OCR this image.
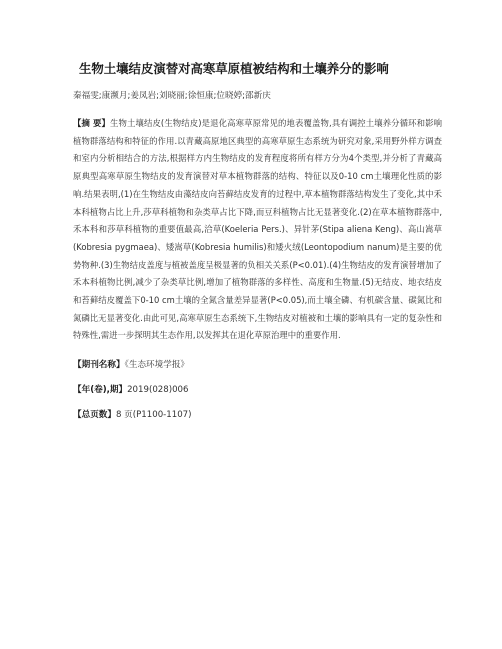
生物土壤结皮演替对高寒草原植被结构和土壤养分的影响

秦福雯;康濒月;姜凤岩;刘晓丽;徐恒康;位晓婷;邵新庆

【摘 要】生物土壤结皮(生物结皮)是退化高寒草原常见的地表覆盖物,具有调控土壤养分循环和影响植物群落结构和特征的作用.以青藏高原地区典型的高寒草原生态系统为研究对象,采用野外样方调查和室内分析相结合的方法,根据样方内生物结皮的发育程度将所有样方分为4个类型,并分析了青藏高原典型高寒草原生物结皮的发育演替对草本植物群落的结构、特征以及0-10 cm土壤理化性质的影响.结果表明,(1)在生物结皮由藻结皮向苔藓结皮发育的过程中,草本植物群落结构发生了变化,其中禾本科植物占比上升,莎草科植物和杂类草占比下降,而豆科植物占比无显著变化.(2)在草本植物群落中,禾本科和莎草科植物的重要值最高,洽草(Koeleria Pers.)、异针茅(Stipa aliena Keng)、高山嵩草(Kobresia pygmaea)、矮嵩草(Kobresia humilis)和矮火绒(Leontopodium nanum)是主要的优势物种.(3)生物结皮盖度与植被盖度呈极显著的负相关关系(P<0.01).(4)生物结皮的发育演替增加了禾本科植物比例,减少了杂类草比例,增加了植物群落的多样性、高度和生物量.(5)无结皮、地衣结皮和苔藓结皮覆盖下0-10 cm土壤的全氮含量差异显著(P<0.05),而土壤全磷、有机碳含量、碳氮比和氮磷比无显著变化.由此可见,高寒草原生态系统下,生物结皮对植被和土壤的影响具有一定的复杂性和特殊性,需进一步探明其生态作用,以发挥其在退化草原治理中的重要作用.

【期刊名称】《生态环境学报》

【年(卷),期】2019(028)006

【总页数】8 页(P1100-1107)
